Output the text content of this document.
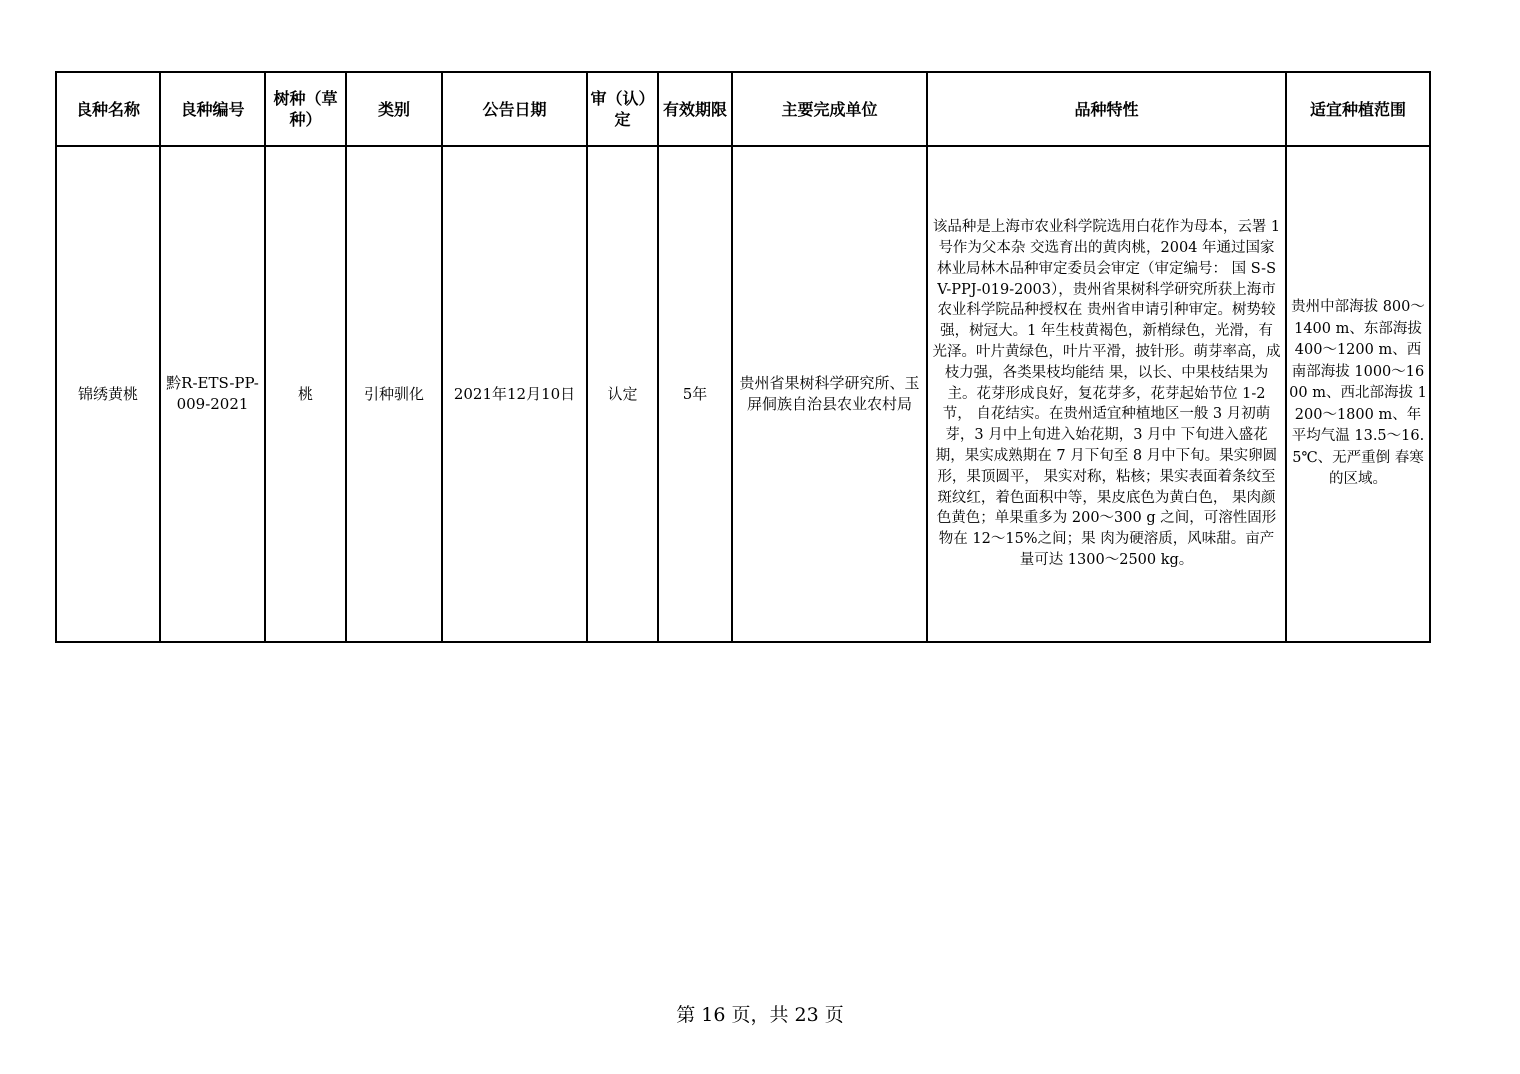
良种名称	良种编号	树种（草种）	类别	公告日期	审（认）定	有效期限	主要完成单位	品种特性	适宜种植范围
锦绣黄桃	黔R-ETS-PP-009-2021	桃	引种驯化	2021年12月10日	认定	5年	贵州省果树科学研究所、玉屏侗族自治县农业农村局	该品种是上海市农业科学院选用白花作为母本，云署 1 号作为父本杂 交选育出的黄肉桃，2004 年通过国家林业局林木品种审定委员会审定（审定编号： 国 S-SV-PPJ-019-2003），贵州省果树科学研究所获上海市农业科学院品种授权在 贵州省申请引种审定。树势较强，树冠大。1 年生枝黄褐色，新梢绿色，光滑，有 光泽。叶片黄绿色，叶片平滑，披针形。萌芽率高，成枝力强，各类果枝均能结 果，以长、中果枝结果为主。花芽形成良好，复花芽多，花芽起始节位 1-2 节， 自花结实。在贵州适宜种植地区一般 3 月初萌芽，3 月中上旬进入始花期，3 月中 下旬进入盛花期，果实成熟期在 7 月下旬至 8 月中下旬。果实卵圆形，果顶圆平， 果实对称，粘核；果实表面着条纹至斑纹红，着色面积中等，果皮底色为黄白色， 果肉颜色黄色；单果重多为 200～300 g 之间，可溶性固形物在 12～15%之间；果 肉为硬溶质，风味甜。亩产量可达 1300～2500 kg。	贵州中部海拔 800～1400 m、东部海拔 400～1200 m、西南部海拔 1000～1600 m、西北部海拔 1200～1800 m、年平均气温 13.5～16.5℃、无严重倒 春寒的区域。
第 16 页，共 23 页
